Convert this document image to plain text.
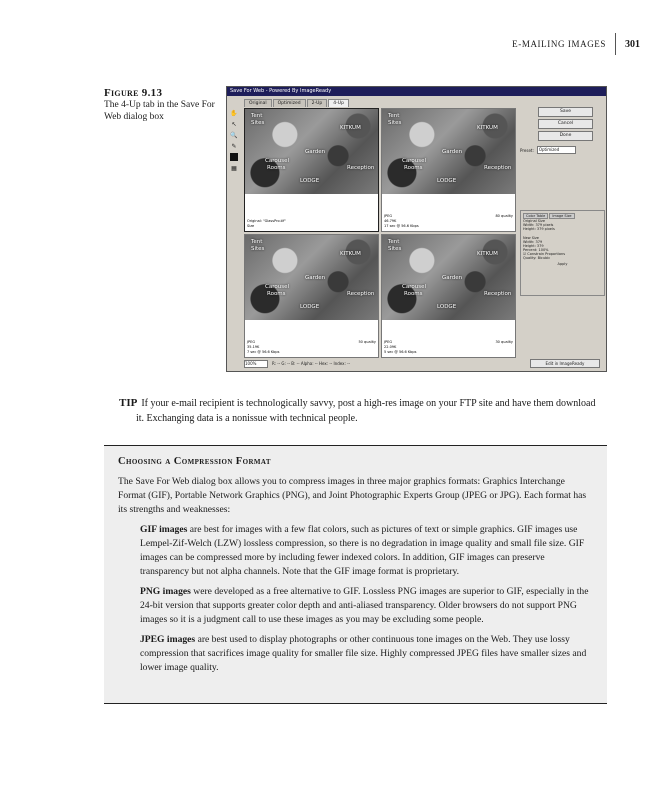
E-MAILING IMAGES 301
Figure 9.13
The 4-Up tab in the Save For Web dialog box
Save For Web - Powered By ImageReady
Original	Optimized	2-Up	4-Up
✋
↖
🔍
✎
▦
Tent
Sites
KITKUM
Garden
Carousel
Rooms	Reception
LODGE
Original: "GlassPro.tif"
Size
Tent
Sites
KITKUM
Garden
Carousel
Rooms	Reception
LODGE
JPEG
46.79K
17 sec @ 56.6 Kbps
80 quality
Tent
Sites
KITKUM
Garden
Carousel
Rooms	Reception
LODGE
JPEG
35.19K
7 sec @ 56.6 Kbps
50 quality
Tent
Sites
KITKUM
Garden
Carousel
Rooms	Reception
LODGE
JPEG
22.09K
5 sec @ 56.6 Kbps
30 quality
Save
Cancel
Done
Preset:	Optimized
Color Table	Image Size
Original Size
Width: 379 pixels
Height: 379 pixels
New Size
Width: 379
Height: 379
Percent: 100%
☑ Constrain Proportions
Quality: Bicubic
Apply
100%	R: -- G: -- B: -- Alpha: -- Hex: -- Index: --	Edit in ImageReady
TIP If your e-mail recipient is technologically savvy, post a high-res image on your FTP site and have them download it. Exchanging data is a nonissue with technical people.
Choosing a Compression Format

The Save For Web dialog box allows you to compress images in three major graphics formats: Graphics Interchange Format (GIF), Portable Network Graphics (PNG), and Joint Photographic Experts Group (JPEG or JPG). Each format has its strengths and weaknesses:

GIF images are best for images with a few flat colors, such as pictures of text or simple graphics. GIF images use Lempel-Zif-Welch (LZW) lossless compression, so there is no degradation in image quality and small file size. GIF images can be compressed more by including fewer indexed colors. In addition, GIF images can preserve transparency but not alpha channels. Note that the GIF image format is proprietary.

PNG images were developed as a free alternative to GIF. Lossless PNG images are superior to GIF, especially in the 24-bit version that supports greater color depth and anti-aliased transparency. Older browsers do not support PNG images so it is a judgment call to use these images as you may be excluding some people.

JPEG images are best used to display photographs or other continuous tone images on the Web. They use lossy compression that sacrifices image quality for smaller file size. Highly compressed JPEG files have smaller sizes and lower image quality.
